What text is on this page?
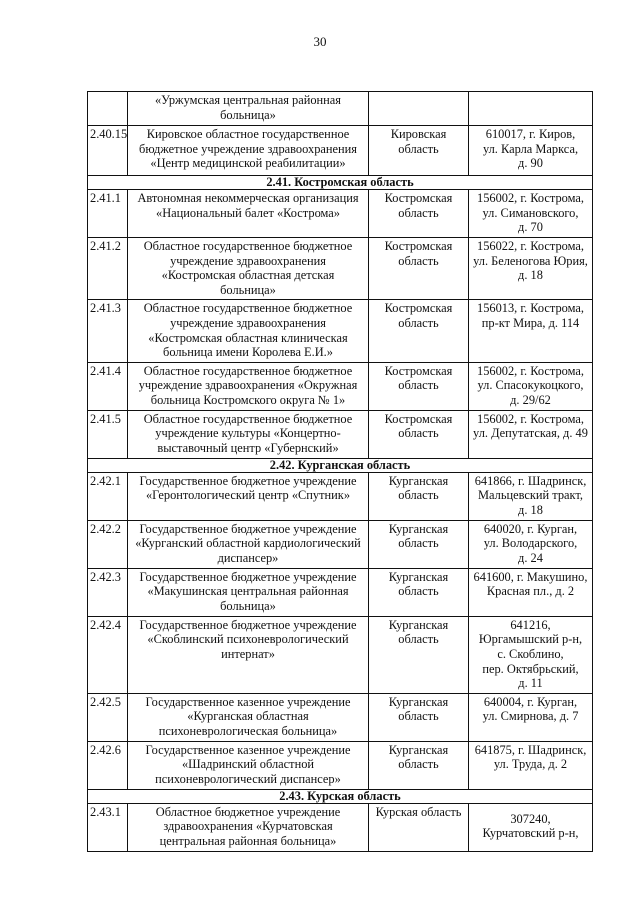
30

	«Уржумская центральная районная
больница»		

2.40.15	Кировское областное государственное
бюджетное учреждение здравоохранения
«Центр медицинской реабилитации»	Кировская
область	610017, г. Киров,
ул. Карла Маркса,
д. 90

2.41. Костромская область			

2.41.1	Автономная некоммерческая организация
«Национальный балет «Кострома»	Костромская
область	156002, г. Кострома,
ул. Симановского,
д. 70

2.41.2	Областное государственное бюджетное
учреждение здравоохранения
«Костромская областная детская
больница»	Костромская
область	156022, г. Кострома,
ул. Беленогова Юрия,
д. 18

2.41.3	Областное государственное бюджетное
учреждение здравоохранения
«Костромская областная клиническая
больница имени Королева Е.И.»	Костромская
область	156013, г. Кострома,
пр-кт Мира, д. 114

2.41.4	Областное государственное бюджетное
учреждение здравоохранения «Окружная
больница Костромского округа № 1»	Костромская
область	156002, г. Кострома,
ул. Спасокукоцкого,
д. 29/62

2.41.5	Областное государственное бюджетное
учреждение культуры «Концертно-
выставочный центр «Губернский»	Костромская
область	156002, г. Кострома,
ул. Депутатская, д. 49

2.42. Курганская область			

2.42.1	Государственное бюджетное учреждение
«Геронтологический центр «Спутник»	Курганская
область	641866, г. Шадринск,
Мальцевский тракт,
д. 18

2.42.2	Государственное бюджетное учреждение
«Курганский областной кардиологический
диспансер»	Курганская
область	640020, г. Курган,
ул. Володарского,
д. 24

2.42.3	Государственное бюджетное учреждение
«Макушинская центральная районная
больница»	Курганская
область	641600, г. Макушино,
Красная пл., д. 2

2.42.4	Государственное бюджетное учреждение
«Скоблинский психоневрологический
интернат»	Курганская
область	641216,
Юргамышский р-н,
с. Скоблино,
пер. Октябрьский,
д. 11

2.42.5	Государственное казенное учреждение
«Курганская областная
психоневрологическая больница»	Курганская
область	640004, г. Курган,
ул. Смирнова, д. 7

2.42.6	Государственное казенное учреждение
«Шадринский областной
психоневрологический диспансер»	Курганская
область	641875, г. Шадринск,
ул. Труда, д. 2

2.43. Курская область			

2.43.1	Областное бюджетное учреждение
здравоохранения «Курчатовская
центральная районная больница»	Курская область	307240,
Курчатовский р-н,
